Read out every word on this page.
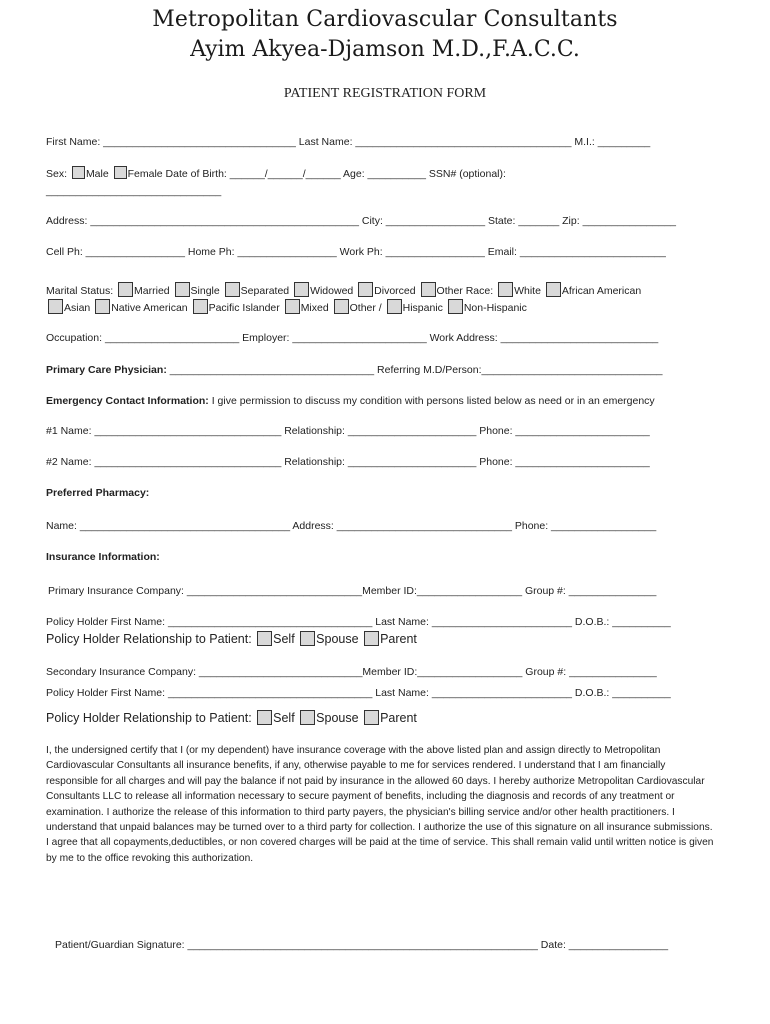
Metropolitan Cardiovascular Consultants
Ayim Akyea-Djamson M.D.,F.A.C.C.
PATIENT REGISTRATION FORM
First Name: _________________________________ Last Name: _____________________________________ M.I.: _________
Sex: Male Female Date of Birth: ______/______/______ Age: __________ SSN# (optional):
______________________________
Address: ______________________________________________ City: _________________ State: _______ Zip: ________________
Cell Ph: _________________ Home Ph: _________________ Work Ph: _________________ Email: _________________________
Marital Status: Married Single Separated Widowed Divorced Other Race: White African American
Asian Native American Pacific Islander Mixed Other / Hispanic Non-Hispanic
Occupation: _______________________ Employer: _______________________ Work Address: ___________________________
Primary Care Physician: ___________________________________ Referring M.D/Person:_______________________________
Emergency Contact Information: I give permission to discuss my condition with persons listed below as need or in an emergency
#1 Name: ________________________________ Relationship: ______________________ Phone: _______________________
#2 Name: ________________________________ Relationship: ______________________ Phone: _______________________
Preferred Pharmacy:
Name: ____________________________________ Address: ______________________________ Phone: __________________
Insurance Information:
Primary Insurance Company: ______________________________Member ID:__________________ Group #: _______________
Policy Holder First Name: ___________________________________ Last Name: ________________________ D.O.B.: __________
Policy Holder Relationship to Patient: Self Spouse Parent
Secondary Insurance Company: ____________________________Member ID:__________________ Group #: _______________
Policy Holder First Name: ___________________________________ Last Name: ________________________ D.O.B.: __________
Policy Holder Relationship to Patient: Self Spouse Parent
I, the undersigned certify that I (or my dependent) have insurance coverage with the above listed plan and assign directly to Metropolitan Cardiovascular Consultants all insurance benefits, if any, otherwise payable to me for services rendered. I understand that I am financially responsible for all charges and will pay the balance if not paid by insurance in the allowed 60 days. I hereby authorize Metropolitan Cardiovascular Consultants LLC to release all information necessary to secure payment of benefits, including the diagnosis and records of any treatment or examination. I authorize the release of this information to third party payers, the physician's billing service and/or other health practitioners. I understand that unpaid balances may be turned over to a third party for collection. I authorize the use of this signature on all insurance submissions. I agree that all copayments,deductibles, or non covered charges will be paid at the time of service. This shall remain valid until written notice is given by me to the office revoking this authorization.
Patient/Guardian Signature: ____________________________________________________________ Date: _________________
